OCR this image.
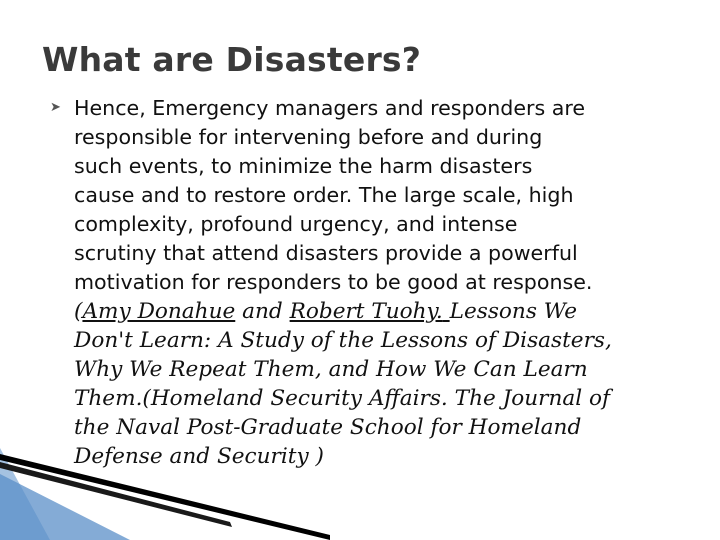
What are Disasters?
➤ Hence, Emergency managers and responders are
responsible for intervening before and during
such events, to minimize the harm disasters
cause and to restore order. The large scale, high
complexity, profound urgency, and intense
scrutiny that attend disasters provide a powerful
motivation for responders to be good at response.
(Amy Donahue and Robert Tuohy. Lessons We
Don't Learn: A Study of the Lessons of Disasters,
Why We Repeat Them, and How We Can Learn
Them.(Homeland Security Affairs. The Journal of
the Naval Post-Graduate School for Homeland
Defense and Security )
